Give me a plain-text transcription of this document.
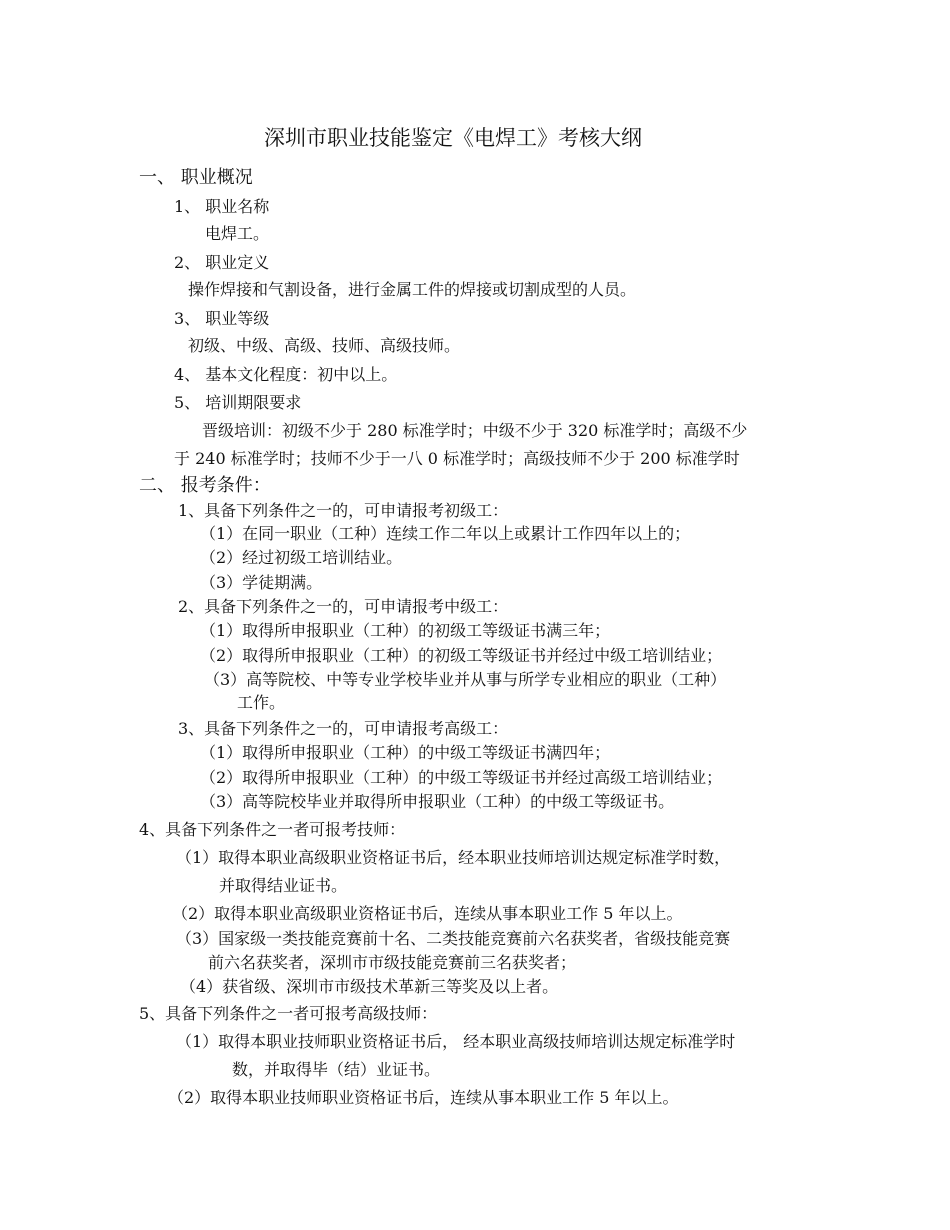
深圳市职业技能鉴定《电焊工》考核大纲
一、 职业概况
1、 职业名称
电焊工。
2、 职业定义
操作焊接和气割设备，进行金属工件的焊接或切割成型的人员。
3、 职业等级
初级、中级、高级、技师、高级技师。
4、 基本文化程度：初中以上。
5、 培训期限要求
晋级培训：初级不少于 280 标准学时；中级不少于 320 标准学时；高级不少
于 240 标准学时；技师不少于一八 0 标准学时；高级技师不少于 200 标准学时
二、 报考条件：
1、具备下列条件之一的，可申请报考初级工：
（1）在同一职业（工种）连续工作二年以上或累计工作四年以上的；
（2）经过初级工培训结业。
（3）学徒期满。
2、具备下列条件之一的，可申请报考中级工：
（1）取得所申报职业（工种）的初级工等级证书满三年；
（2）取得所申报职业（工种）的初级工等级证书并经过中级工培训结业；
（3）高等院校、中等专业学校毕业并从事与所学专业相应的职业（工种）
工作。
3、具备下列条件之一的，可申请报考高级工：
（1）取得所申报职业（工种）的中级工等级证书满四年；
（2）取得所申报职业（工种）的中级工等级证书并经过高级工培训结业；
（3）高等院校毕业并取得所申报职业（工种）的中级工等级证书。
4、具备下列条件之一者可报考技师：
（1）取得本职业高级职业资格证书后，经本职业技师培训达规定标准学时数，
并取得结业证书。
（2）取得本职业高级职业资格证书后，连续从事本职业工作 5 年以上。
（3）国家级一类技能竞赛前十名、二类技能竞赛前六名获奖者，省级技能竞赛
前六名获奖者，深圳市市级技能竞赛前三名获奖者；
（4）获省级、深圳市市级技术革新三等奖及以上者。
5、具备下列条件之一者可报考高级技师：
（1）取得本职业技师职业资格证书后， 经本职业高级技师培训达规定标准学时
数，并取得毕（结）业证书。
（2）取得本职业技师职业资格证书后，连续从事本职业工作 5 年以上。
